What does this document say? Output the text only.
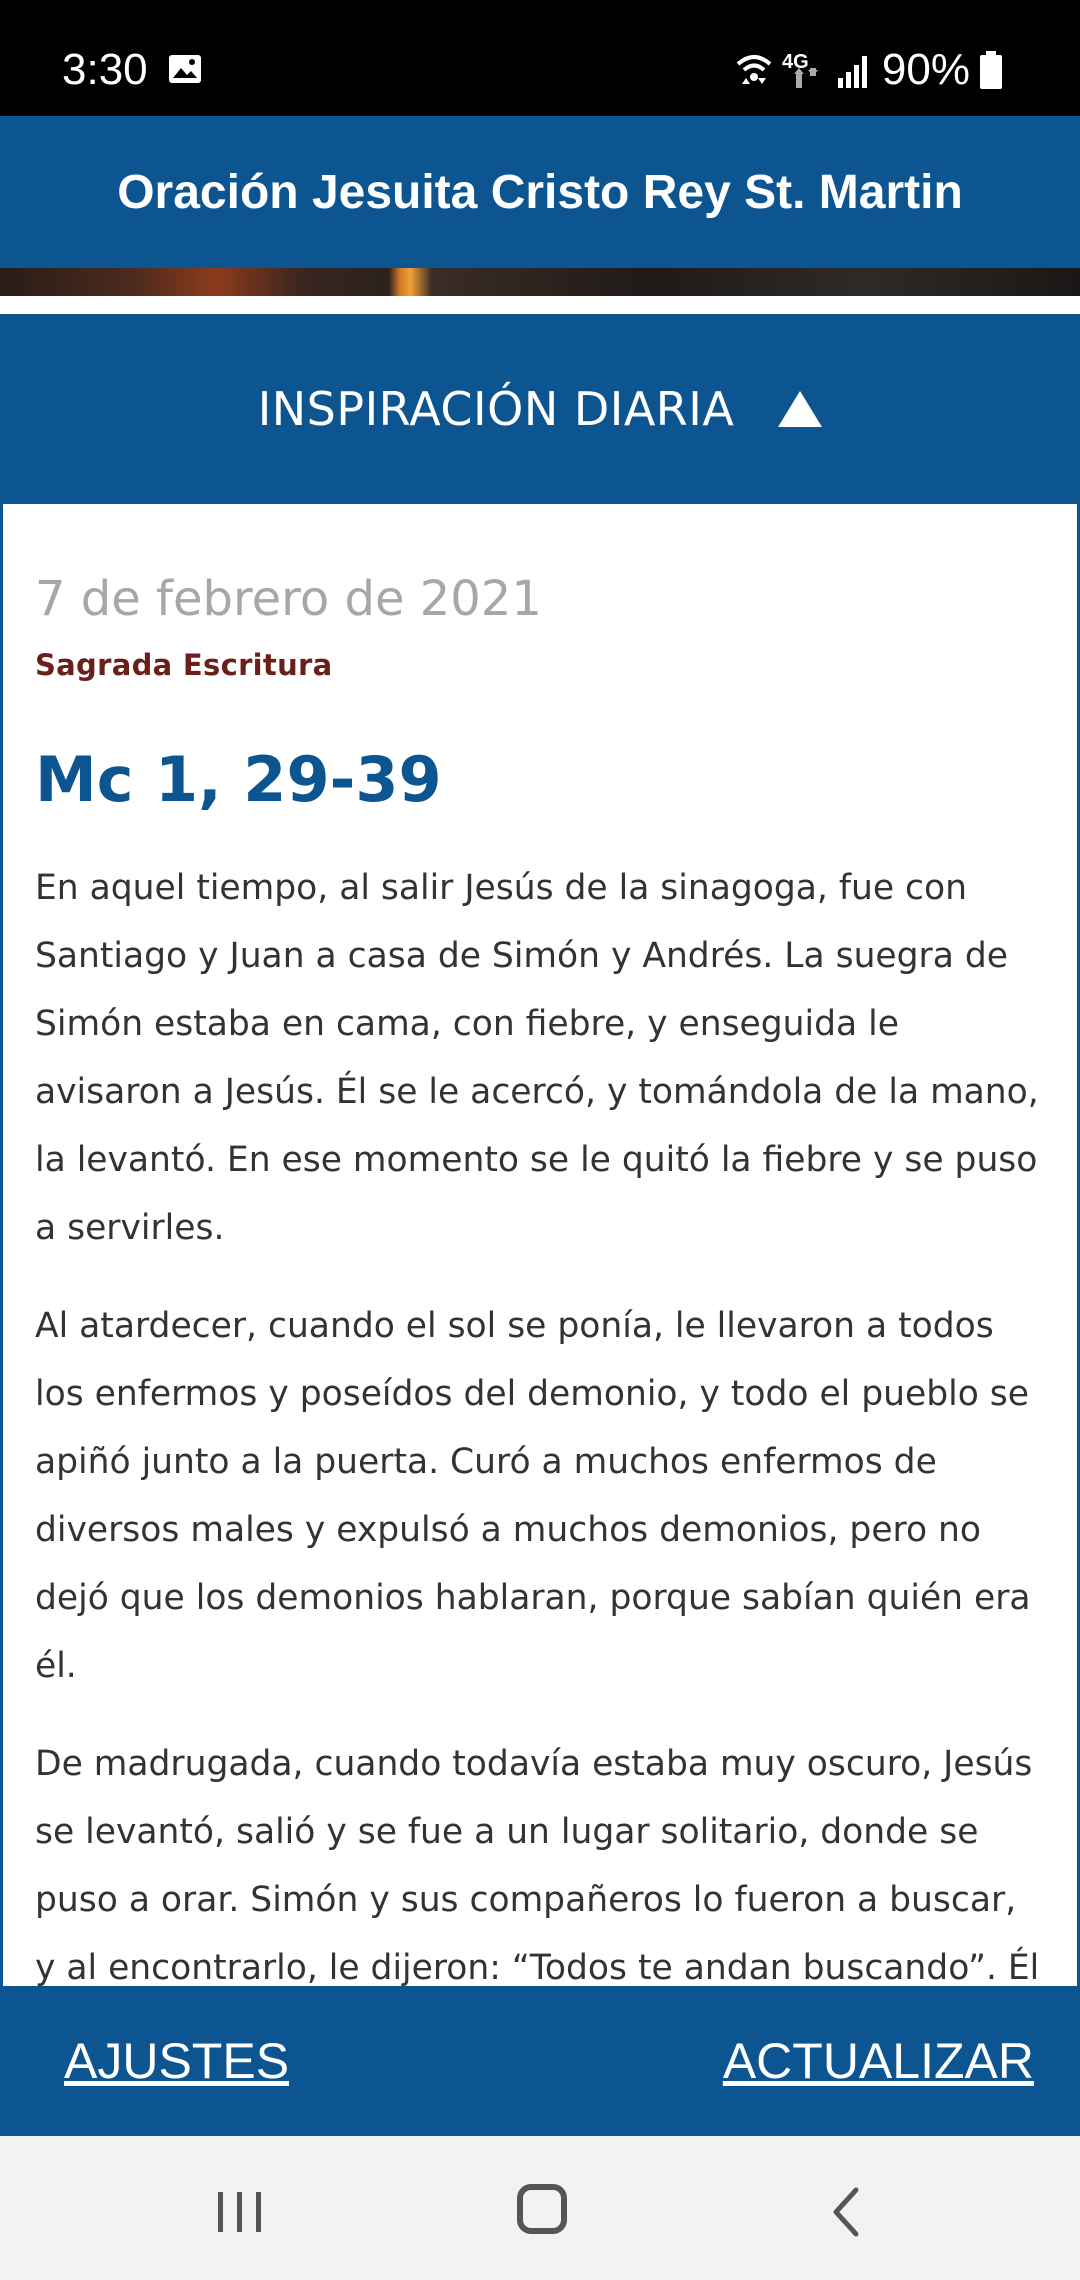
3:30	4G 90%
Oración Jesuita Cristo Rey St. Martin
INSPIRACIÓN DIARIA
7 de febrero de 2021
Sagrada Escritura
Mc 1, 29-39

En aquel tiempo, al salir Jesús de la sinagoga, fue con Santiago y Juan a casa de Simón y Andrés. La suegra de Simón estaba en cama, con fiebre, y enseguida le avisaron a Jesús. Él se le acercó, y tomándola de la mano, la levantó. En ese momento se le quitó la fiebre y se puso a servirles.

Al atardecer, cuando el sol se ponía, le llevaron a todos los enfermos y poseídos del demonio, y todo el pueblo se apiñó junto a la puerta. Curó a muchos enfermos de diversos males y expulsó a muchos demonios, pero no dejó que los demonios hablaran, porque sabían quién era él.

De madrugada, cuando todavía estaba muy oscuro, Jesús se levantó, salió y se fue a un lugar solitario, donde se puso a orar. Simón y sus compañeros lo fueron a buscar, y al encontrarlo, le dijeron: “Todos te andan buscando”. Él

AJUSTES	ACTUALIZAR
